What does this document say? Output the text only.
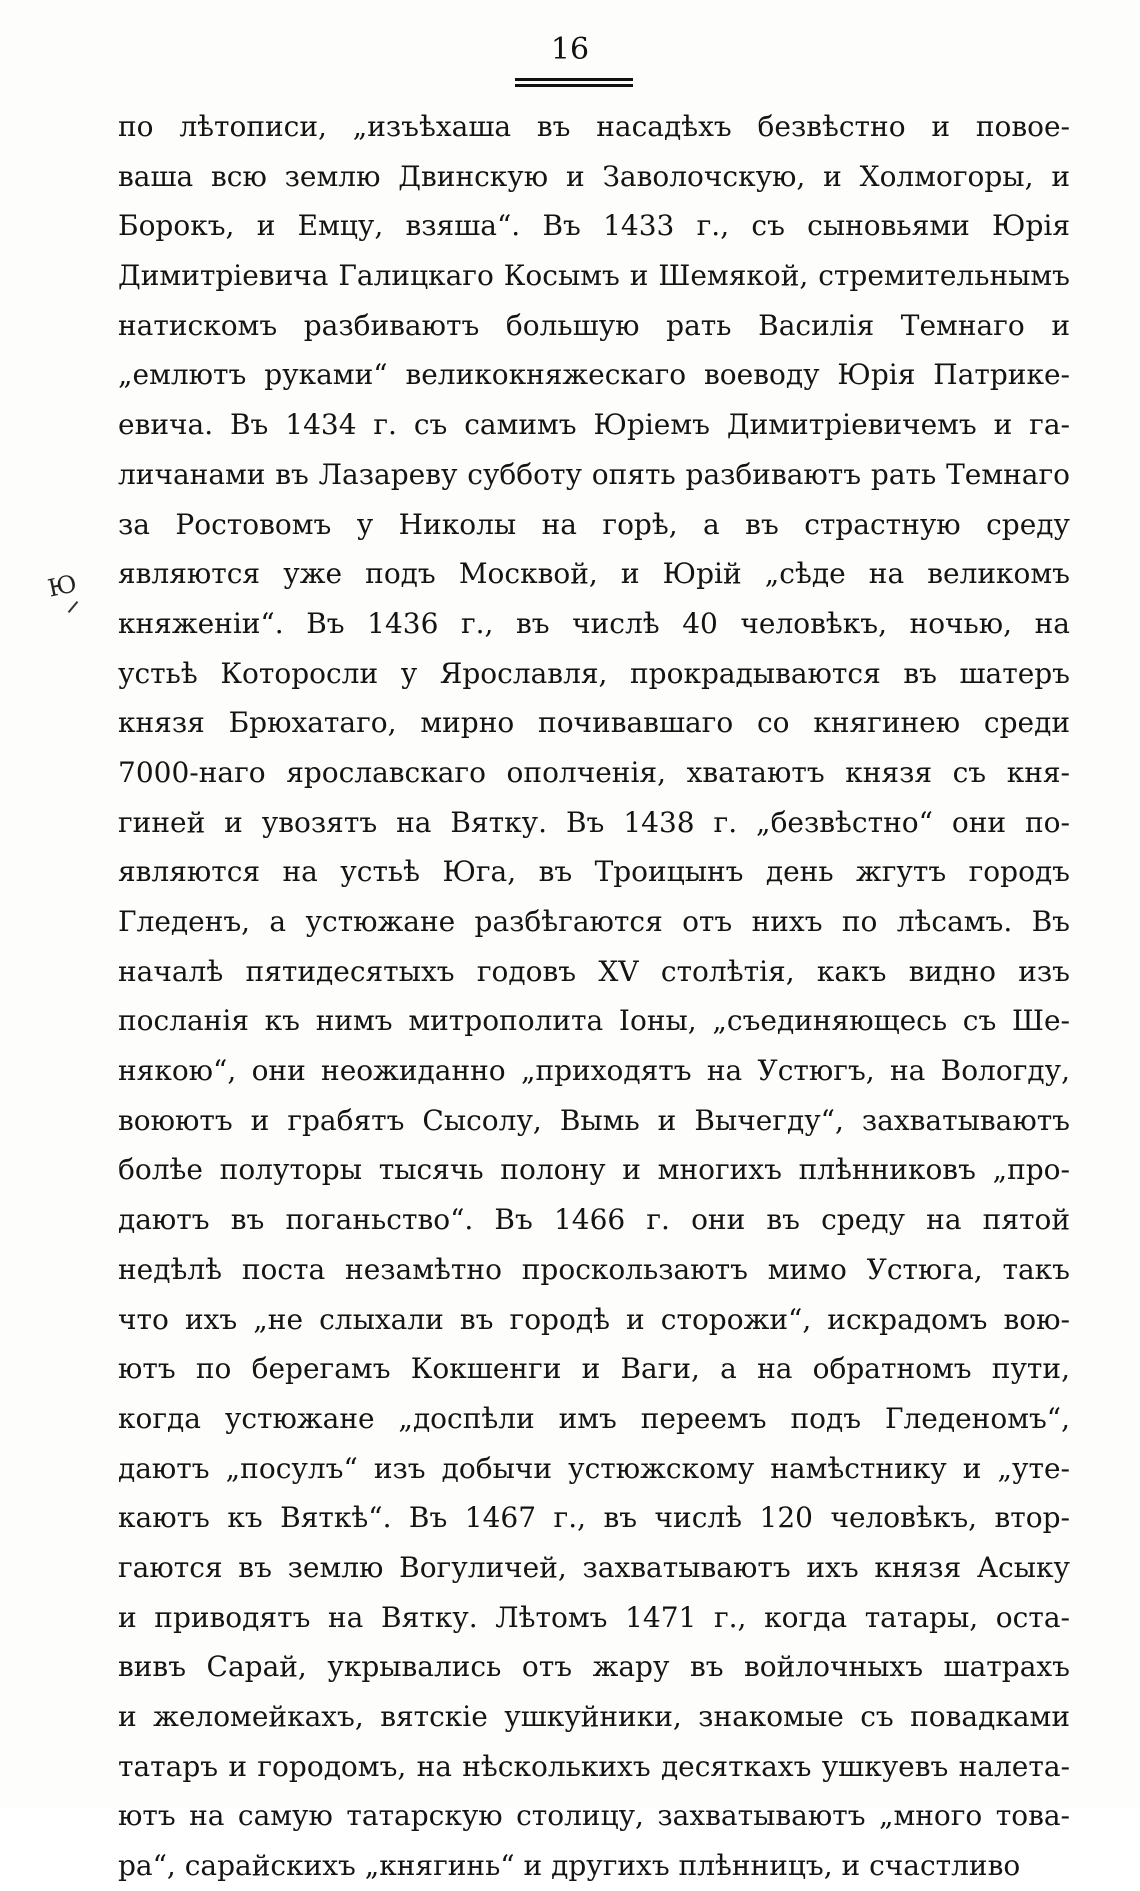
16
Ю
по лѣтописи, „изъѣхаша въ насадѣхъ безвѣстно и повое-
ваша всю землю Двинскую и Заволочскую, и Холмогоры, и
Борокъ, и Емцу, взяша“. Въ 1433 г., съ сыновьями Юрія
Димитріевича Галицкаго Косымъ и Шемякой, стремительнымъ
натискомъ разбиваютъ большую рать Василія Темнаго и
„емлютъ руками“ великокняжескаго воеводу Юрія Патрике-
евича. Въ 1434 г. съ самимъ Юріемъ Димитріевичемъ и га-
личанами въ Лазареву субботу опять разбиваютъ рать Темнаго
за Ростовомъ у Николы на горѣ, а въ страстную среду
являются уже подъ Москвой, и Юрій „сѣде на великомъ
княженіи“. Въ 1436 г., въ числѣ 40 человѣкъ, ночью, на
устьѣ Которосли у Ярославля, прокрадываются въ шатеръ
князя Брюхатаго, мирно почивавшаго со княгинею среди
7000-наго ярославскаго ополченія, хватаютъ князя съ кня-
гиней и увозятъ на Вятку. Въ 1438 г. „безвѣстно“ они по-
являются на устьѣ Юга, въ Троицынъ день жгутъ городъ
Гледенъ, а устюжане разбѣгаются отъ нихъ по лѣсамъ. Въ
началѣ пятидесятыхъ годовъ XV столѣтія, какъ видно изъ
посланія къ нимъ митрополита Іоны, „съединяющесь съ Ше-
някою“, они неожиданно „приходятъ на Устюгъ, на Вологду,
воюютъ и грабятъ Сысолу, Вымь и Вычегду“, захватываютъ
болѣе полуторы тысячь полону и многихъ плѣнниковъ „про-
даютъ въ поганьство“. Въ 1466 г. они въ среду на пятой
недѣлѣ поста незамѣтно проскользаютъ мимо Устюга, такъ
что ихъ „не слыхали въ городѣ и сторожи“, искрадомъ вою-
ютъ по берегамъ Кокшенги и Ваги, а на обратномъ пути,
когда устюжане „доспѣли имъ переемъ подъ Гледеномъ“,
даютъ „посулъ“ изъ добычи устюжскому намѣстнику и „уте-
каютъ къ Вяткѣ“. Въ 1467 г., въ числѣ 120 человѣкъ, втор-
гаются въ землю Вогуличей, захватываютъ ихъ князя Асыку
и приводятъ на Вятку. Лѣтомъ 1471 г., когда татары, оста-
вивъ Сарай, укрывались отъ жару въ войлочныхъ шатрахъ
и желомейкахъ, вятскіе ушкуйники, знакомые съ повадками
татаръ и городомъ, на нѣсколькихъ десяткахъ ушкуевъ налета-
ютъ на самую татарскую столицу, захватываютъ „много това-
ра“, сарайскихъ „княгинь“ и другихъ плѣнницъ, и счастливо
